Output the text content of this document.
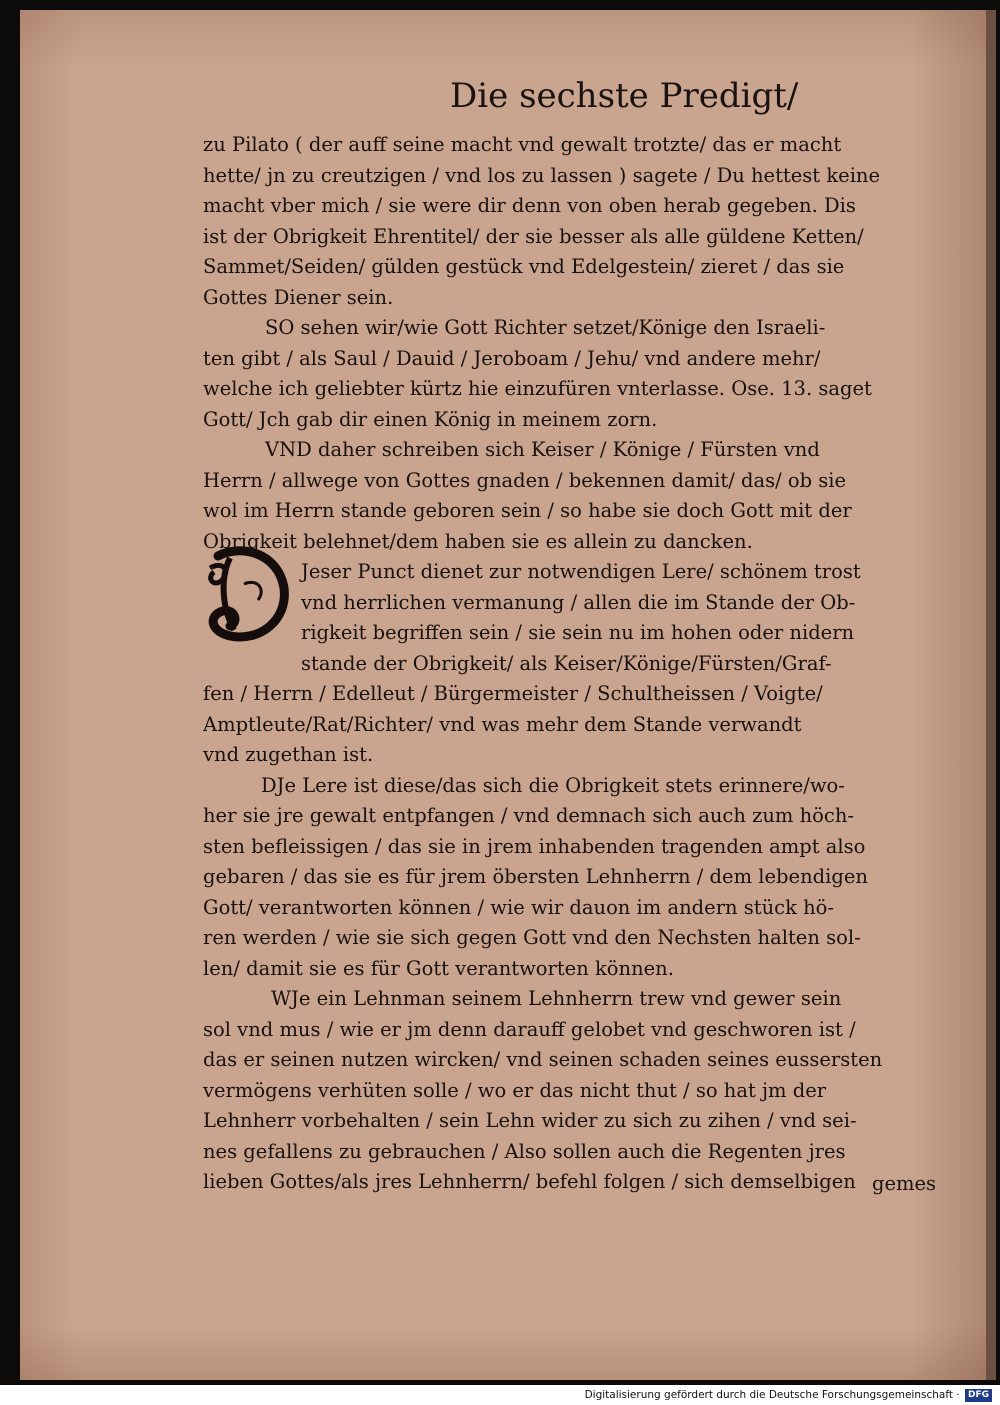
Die sechste Predigt/
zu Pilato ( der auff seine macht vnd gewalt trotzte/ das er macht
hette/ jn zu creutzigen / vnd los zu lassen ) sagete / Du hettest keine
macht vber mich / sie were dir denn von oben herab gegeben. Dis
ist der Obrigkeit Ehrentitel/ der sie besser als alle güldene Ketten/
Sammet/Seiden/ gülden gestück vnd Edelgestein/ zieret / das sie
Gottes Diener sein.
SO sehen wir/wie Gott Richter setzet/Könige den Israeli-
ten gibt / als Saul / Dauid / Jeroboam / Jehu/ vnd andere mehr/
welche ich geliebter kürtz hie einzufüren vnterlasse. Ose. 13. saget
Gott/ Jch gab dir einen König in meinem zorn.
VND daher schreiben sich Keiser / Könige / Fürsten vnd
Herrn / allwege von Gottes gnaden / bekennen damit/ das/ ob sie
wol im Herrn stande geboren sein / so habe sie doch Gott mit der
Obrigkeit belehnet/dem haben sie es allein zu dancken.
Jeser Punct dienet zur notwendigen Lere/ schönem trost
vnd herrlichen vermanung / allen die im Stande der Ob-
rigkeit begriffen sein / sie sein nu im hohen oder nidern
stande der Obrigkeit/ als Keiser/Könige/Fürsten/Graf-
fen / Herrn / Edelleut / Bürgermeister / Schultheissen / Voigte/
Amptleute/Rat/Richter/ vnd was mehr dem Stande verwandt
vnd zugethan ist.
DJe Lere ist diese/das sich die Obrigkeit stets erinnere/wo-
her sie jre gewalt entpfangen / vnd demnach sich auch zum höch-
sten befleissigen / das sie in jrem inhabenden tragenden ampt also
gebaren / das sie es für jrem öbersten Lehnherrn / dem lebendigen
Gott/ verantworten können / wie wir dauon im andern stück hö-
ren werden / wie sie sich gegen Gott vnd den Nechsten halten sol-
len/ damit sie es für Gott verantworten können.
WJe ein Lehnman seinem Lehnherrn trew vnd gewer sein
sol vnd mus / wie er jm denn darauff gelobet vnd geschworen ist /
das er seinen nutzen wircken/ vnd seinen schaden seines eussersten
vermögens verhüten solle / wo er das nicht thut / so hat jm der
Lehnherr vorbehalten / sein Lehn wider zu sich zu zihen / vnd sei-
nes gefallens zu gebrauchen / Also sollen auch die Regenten jres
lieben Gottes/als jres Lehnherrn/ befehl folgen / sich demselbigen gemes
Digitalisierung gefördert durch die Deutsche Forschungsgemeinschaft · DFG
